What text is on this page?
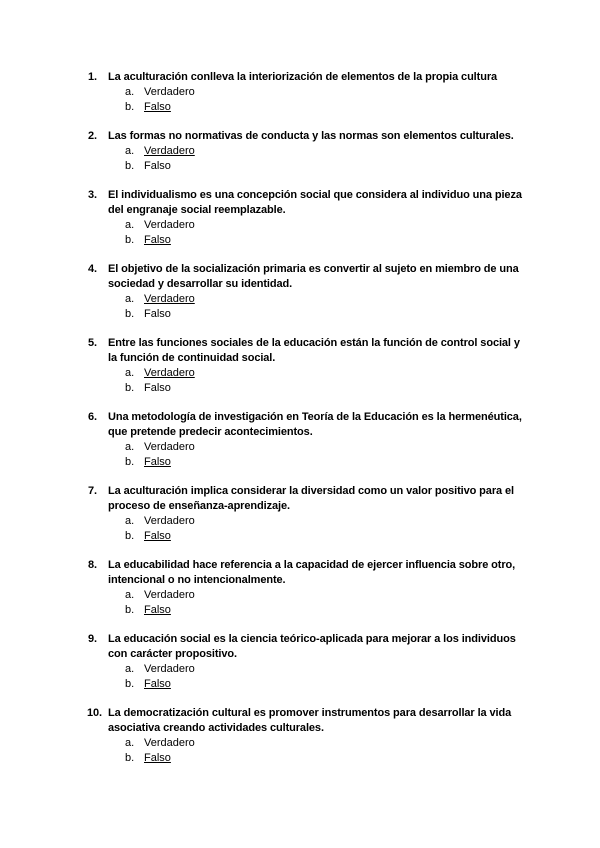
1.	La aculturación conlleva la interiorización de elementos de la propia cultura
a. Verdadero
b. Falso
2.	Las formas no normativas de conducta y las normas son elementos culturales.
a. Verdadero
b. Falso
3.	El individualismo es una concepción social que considera al individuo una pieza del engranaje social reemplazable.
a. Verdadero
b. Falso
4.	El objetivo de la socialización primaria es convertir al sujeto en miembro de una sociedad y desarrollar su identidad.
a. Verdadero
b. Falso
5.	Entre las funciones sociales de la educación están la función de control social y la función de continuidad social.
a. Verdadero
b. Falso
6.	Una metodología de investigación en Teoría de la Educación es la hermenéutica, que pretende predecir acontecimientos.
a. Verdadero
b. Falso
7.	La aculturación implica considerar la diversidad como un valor positivo para el proceso de enseñanza-aprendizaje.
a. Verdadero
b. Falso
8.	La educabilidad hace referencia a la capacidad de ejercer influencia sobre otro, intencional o no intencionalmente.
a. Verdadero
b. Falso
9.	La educación social es la ciencia teórico-aplicada para mejorar a los individuos con carácter propositivo.
a. Verdadero
b. Falso
10. La democratización cultural es promover instrumentos para desarrollar la vida asociativa creando actividades culturales.
a. Verdadero
b. Falso
